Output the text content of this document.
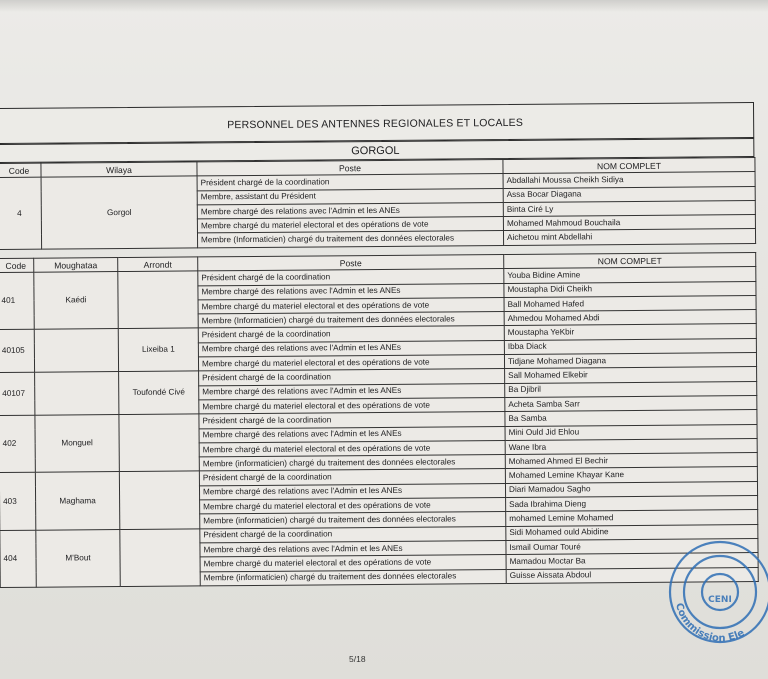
PERSONNEL DES ANTENNES REGIONALES ET LOCALES
GORGOL
Code	Wilaya	Poste	NOM COMPLET
4	Gorgol	Président chargé de la coordination	Abdallahi Moussa Cheikh Sidiya
		Membre, assistant du Président	Assa Bocar Diagana
		Membre chargé des relations avec l'Admin et les ANEs	Binta Ciré Ly
		Membre chargé du materiel electoral et des opérations de vote	Mohamed Mahmoud Bouchaila
		Membre (Informaticien) chargé du traitement des données electorales	Aichetou mint Abdellahi
Code	Moughataa	Arrondt	Poste	NOM COMPLET
401	Kaédi		Président chargé de la coordination	Youba Bidine Amine
			Membre chargé des relations avec l'Admin et les ANEs	Moustapha Didi Cheikh
			Membre chargé du materiel electoral et des opérations de vote	Ball Mohamed Hafed
			Membre (Informaticien) chargé du traitement des données electorales	Ahmedou Mohamed Abdi
40105		Lixeiba 1	Président chargé de la coordination	Moustapha YeKbir
			Membre chargé des relations avec l'Admin et les ANEs	Ibba Diack
			Membre chargé du materiel electoral et des opérations de vote	Tidjane Mohamed Diagana
40107		Toufondé Civé	Président chargé de la coordination	Sall Mohamed Elkebir
			Membre chargé des relations avec l'Admin et les ANEs	Ba Djibril
			Membre chargé du materiel electoral et des opérations de vote	Acheta Samba Sarr
402	Monguel		Président chargé de la coordination	Ba Samba
			Membre chargé des relations avec l'Admin et les ANEs	Mini Ould Jid Ehlou
			Membre chargé du materiel electoral et des opérations de vote	Wane Ibra
			Membre (informaticien) chargé du traitement des données electorales	Mohamed Ahmed El Bechir
403	Maghama		Président chargé de la coordination	Mohamed Lemine Khayar Kane
			Membre chargé des relations avec l'Admin et les ANEs	Diari Mamadou Sagho
			Membre chargé du materiel electoral et des opérations de vote	Sada Ibrahima Dieng
			Membre (informaticien) chargé du traitement des données electorales	mohamed Lemine Mohamed
404	M'Bout		Président chargé de la coordination	Sidi Mohamed ould Abidine
			Membre chargé des relations avec l'Admin et les ANEs	Ismail Oumar Touré
			Membre chargé du materiel electoral et des opérations de vote	Mamadou Moctar Ba
			Membre (informaticien) chargé du traitement des données electorales	Guisse Aissata Abdoul
5/18
Commission Ele
CENI
